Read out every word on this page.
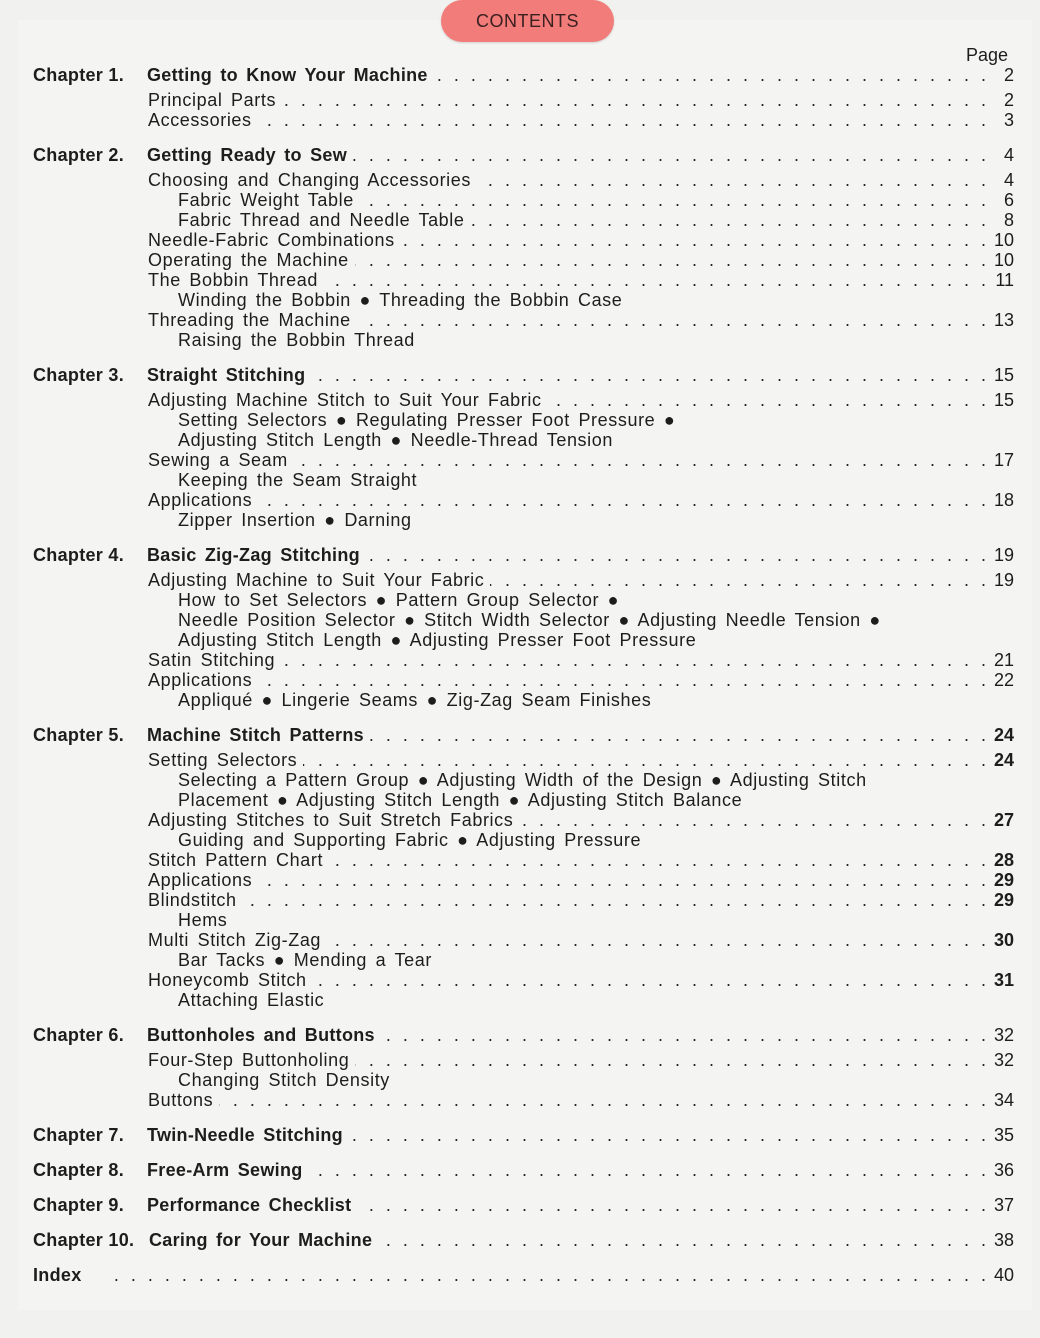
CONTENTS
Page
Chapter 1. Getting to Know Your Machine . . .	2
Principal Parts . . .	2
Accessories . . .	3
Chapter 2. Getting Ready to Sew . . .	4
Choosing and Changing Accessories . . .	4
Fabric Weight Table . . .	6
Fabric Thread and Needle Table . . .	8
Needle-Fabric Combinations . . .	10
Operating the Machine . . .	10
The Bobbin Thread . . .	11
Winding the Bobbin ● Threading the Bobbin Case
Threading the Machine . . .	13
Raising the Bobbin Thread
Chapter 3. Straight Stitching . . .	15
Adjusting Machine Stitch to Suit Your Fabric . . .	15
Setting Selectors ● Regulating Presser Foot Pressure ●
Adjusting Stitch Length ● Needle-Thread Tension
Sewing a Seam . . .	17
Keeping the Seam Straight
Applications . . .	18
Zipper Insertion ● Darning
Chapter 4. Basic Zig-Zag Stitching . . .	19
Adjusting Machine to Suit Your Fabric . . .	19
How to Set Selectors ● Pattern Group Selector ●
Needle Position Selector ● Stitch Width Selector ● Adjusting Needle Tension ●
Adjusting Stitch Length ● Adjusting Presser Foot Pressure
Satin Stitching . . .	21
Applications . . .	22
Appliqué ● Lingerie Seams ● Zig-Zag Seam Finishes
Chapter 5. Machine Stitch Patterns . . .	24
Setting Selectors . . .	24
Selecting a Pattern Group ● Adjusting Width of the Design ● Adjusting Stitch
Placement ● Adjusting Stitch Length ● Adjusting Stitch Balance
Adjusting Stitches to Suit Stretch Fabrics . . .	27
Guiding and Supporting Fabric ● Adjusting Pressure
Stitch Pattern Chart . . .	28
Applications . . .	29
Blindstitch . . .	29
Hems
Multi Stitch Zig-Zag . . .	30
Bar Tacks ● Mending a Tear
Honeycomb Stitch . . .	31
Attaching Elastic
Chapter 6. Buttonholes and Buttons . . .	32
Four-Step Buttonholing . . .	32
Changing Stitch Density
Buttons . . .	34
Chapter 7. Twin-Needle Stitching . . .	35
Chapter 8. Free-Arm Sewing . . .	36
Chapter 9. Performance Checklist . . .	37
Chapter 10. Caring for Your Machine . . .	38
Index . . .	40
